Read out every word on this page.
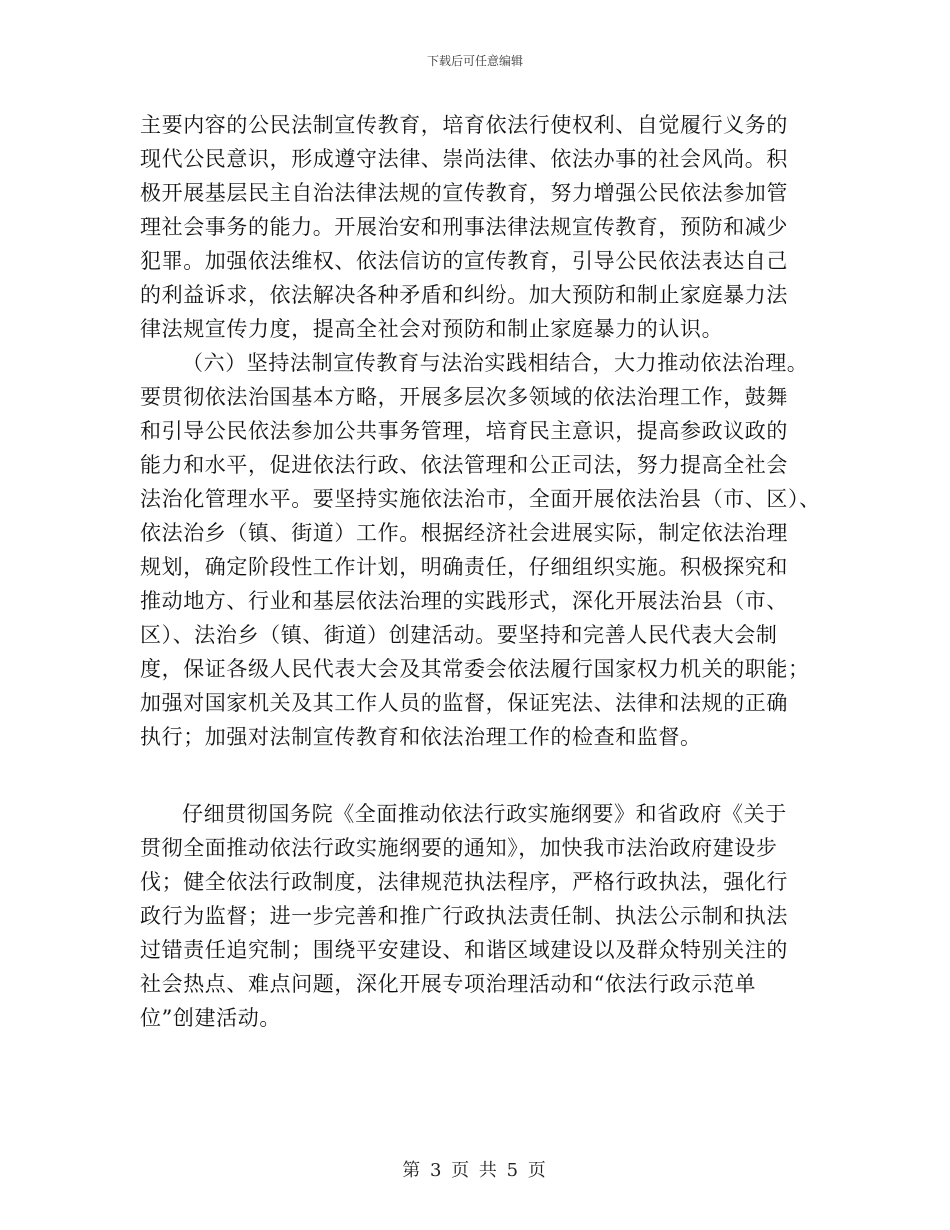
下载后可任意编辑
主要内容的公民法制宣传教育，培育依法行使权利、自觉履行义务的
现代公民意识，形成遵守法律、崇尚法律、依法办事的社会风尚。积
极开展基层民主自治法律法规的宣传教育，努力增强公民依法参加管
理社会事务的能力。开展治安和刑事法律法规宣传教育，预防和减少
犯罪。加强依法维权、依法信访的宣传教育，引导公民依法表达自己
的利益诉求，依法解决各种矛盾和纠纷。加大预防和制止家庭暴力法
律法规宣传力度，提高全社会对预防和制止家庭暴力的认识。
（六）坚持法制宣传教育与法治实践相结合，大力推动依法治理。
要贯彻依法治国基本方略，开展多层次多领域的依法治理工作，鼓舞
和引导公民依法参加公共事务管理，培育民主意识，提高参政议政的
能力和水平，促进依法行政、依法管理和公正司法，努力提高全社会
法治化管理水平。要坚持实施依法治市，全面开展依法治县（市、区）、
依法治乡（镇、街道）工作。根据经济社会进展实际，制定依法治理
规划，确定阶段性工作计划，明确责任，仔细组织实施。积极探究和
推动地方、行业和基层依法治理的实践形式，深化开展法治县（市、
区）、法治乡（镇、街道）创建活动。要坚持和完善人民代表大会制
度，保证各级人民代表大会及其常委会依法履行国家权力机关的职能；
加强对国家机关及其工作人员的监督，保证宪法、法律和法规的正确
执行；加强对法制宣传教育和依法治理工作的检查和监督。
仔细贯彻国务院《全面推动依法行政实施纲要》和省政府《关于
贯彻全面推动依法行政实施纲要的通知》，加快我市法治政府建设步
伐；健全依法行政制度，法律规范执法程序，严格行政执法，强化行
政行为监督；进一步完善和推广行政执法责任制、执法公示制和执法
过错责任追究制；围绕平安建设、和谐区域建设以及群众特别关注的
社会热点、难点问题，深化开展专项治理活动和“依法行政示范单
位”创建活动。
第 3 页 共 5 页
